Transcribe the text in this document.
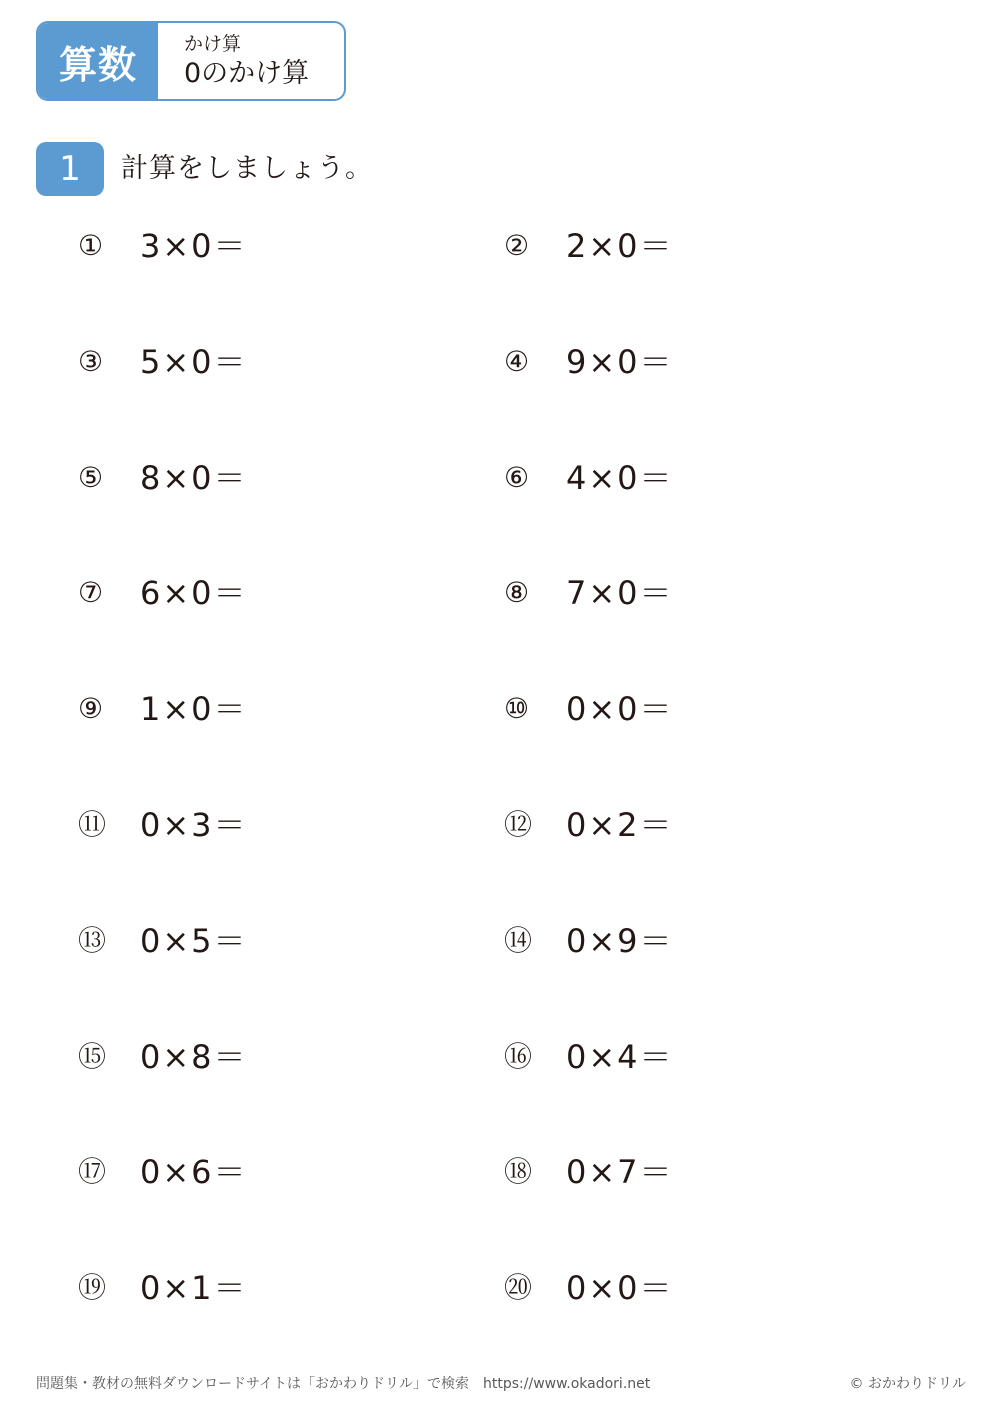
算数	かけ算
0のかけ算
1	計算をしましょう。
①	3×0＝	②	2×0＝
③	5×0＝	④	9×0＝
⑤	8×0＝	⑥	4×0＝
⑦	6×0＝	⑧	7×0＝
⑨	1×0＝	⑩	0×0＝
⑪	0×3＝	⑫	0×2＝
⑬	0×5＝	⑭	0×9＝
⑮	0×8＝	⑯	0×4＝
⑰	0×6＝	⑱	0×7＝
⑲	0×1＝	⑳	0×0＝
問題集・教材の無料ダウンロードサイトは「おかわりドリル」で検索　https://www.okadori.net	© おかわりドリル
